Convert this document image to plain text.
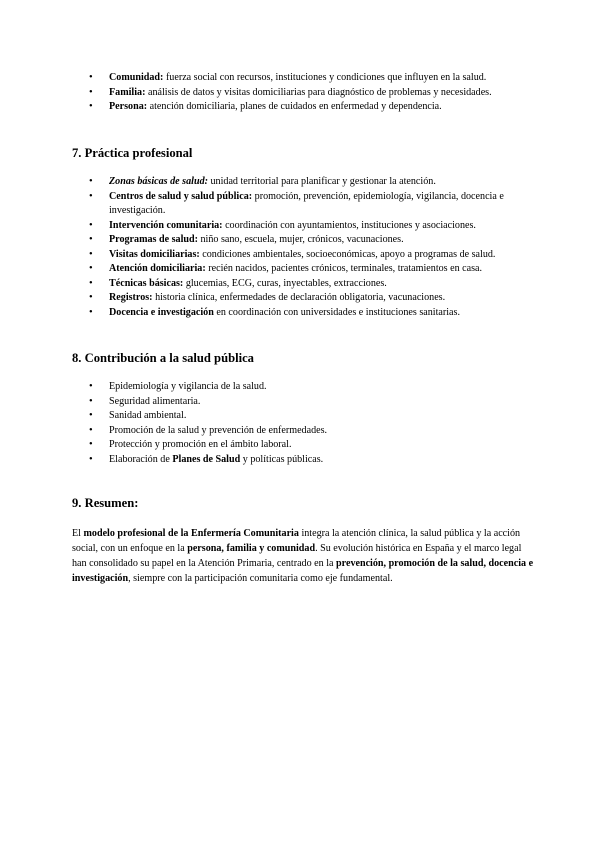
• Comunidad: fuerza social con recursos, instituciones y condiciones que influyen en la salud.
• Familia: análisis de datos y visitas domiciliarias para diagnóstico de problemas y necesidades.
• Persona: atención domiciliaria, planes de cuidados en enfermedad y dependencia.
7. Práctica profesional
• Zonas básicas de salud: unidad territorial para planificar y gestionar la atención.
• Centros de salud y salud pública: promoción, prevención, epidemiología, vigilancia, docencia e investigación.
• Intervención comunitaria: coordinación con ayuntamientos, instituciones y asociaciones.
• Programas de salud: niño sano, escuela, mujer, crónicos, vacunaciones.
• Visitas domiciliarias: condiciones ambientales, socioeconómicas, apoyo a programas de salud.
• Atención domiciliaria: recién nacidos, pacientes crónicos, terminales, tratamientos en casa.
• Técnicas básicas: glucemias, ECG, curas, inyectables, extracciones.
• Registros: historia clínica, enfermedades de declaración obligatoria, vacunaciones.
• Docencia e investigación en coordinación con universidades e instituciones sanitarias.
8. Contribución a la salud pública
• Epidemiología y vigilancia de la salud.
• Seguridad alimentaria.
• Sanidad ambiental.
• Promoción de la salud y prevención de enfermedades.
• Protección y promoción en el ámbito laboral.
• Elaboración de Planes de Salud y políticas públicas.
9. Resumen:

El modelo profesional de la Enfermería Comunitaria integra la atención clínica, la salud pública y la acción social, con un enfoque en la persona, familia y comunidad. Su evolución histórica en España y el marco legal han consolidado su papel en la Atención Primaria, centrado en la prevención, promoción de la salud, docencia e investigación, siempre con la participación comunitaria como eje fundamental.
